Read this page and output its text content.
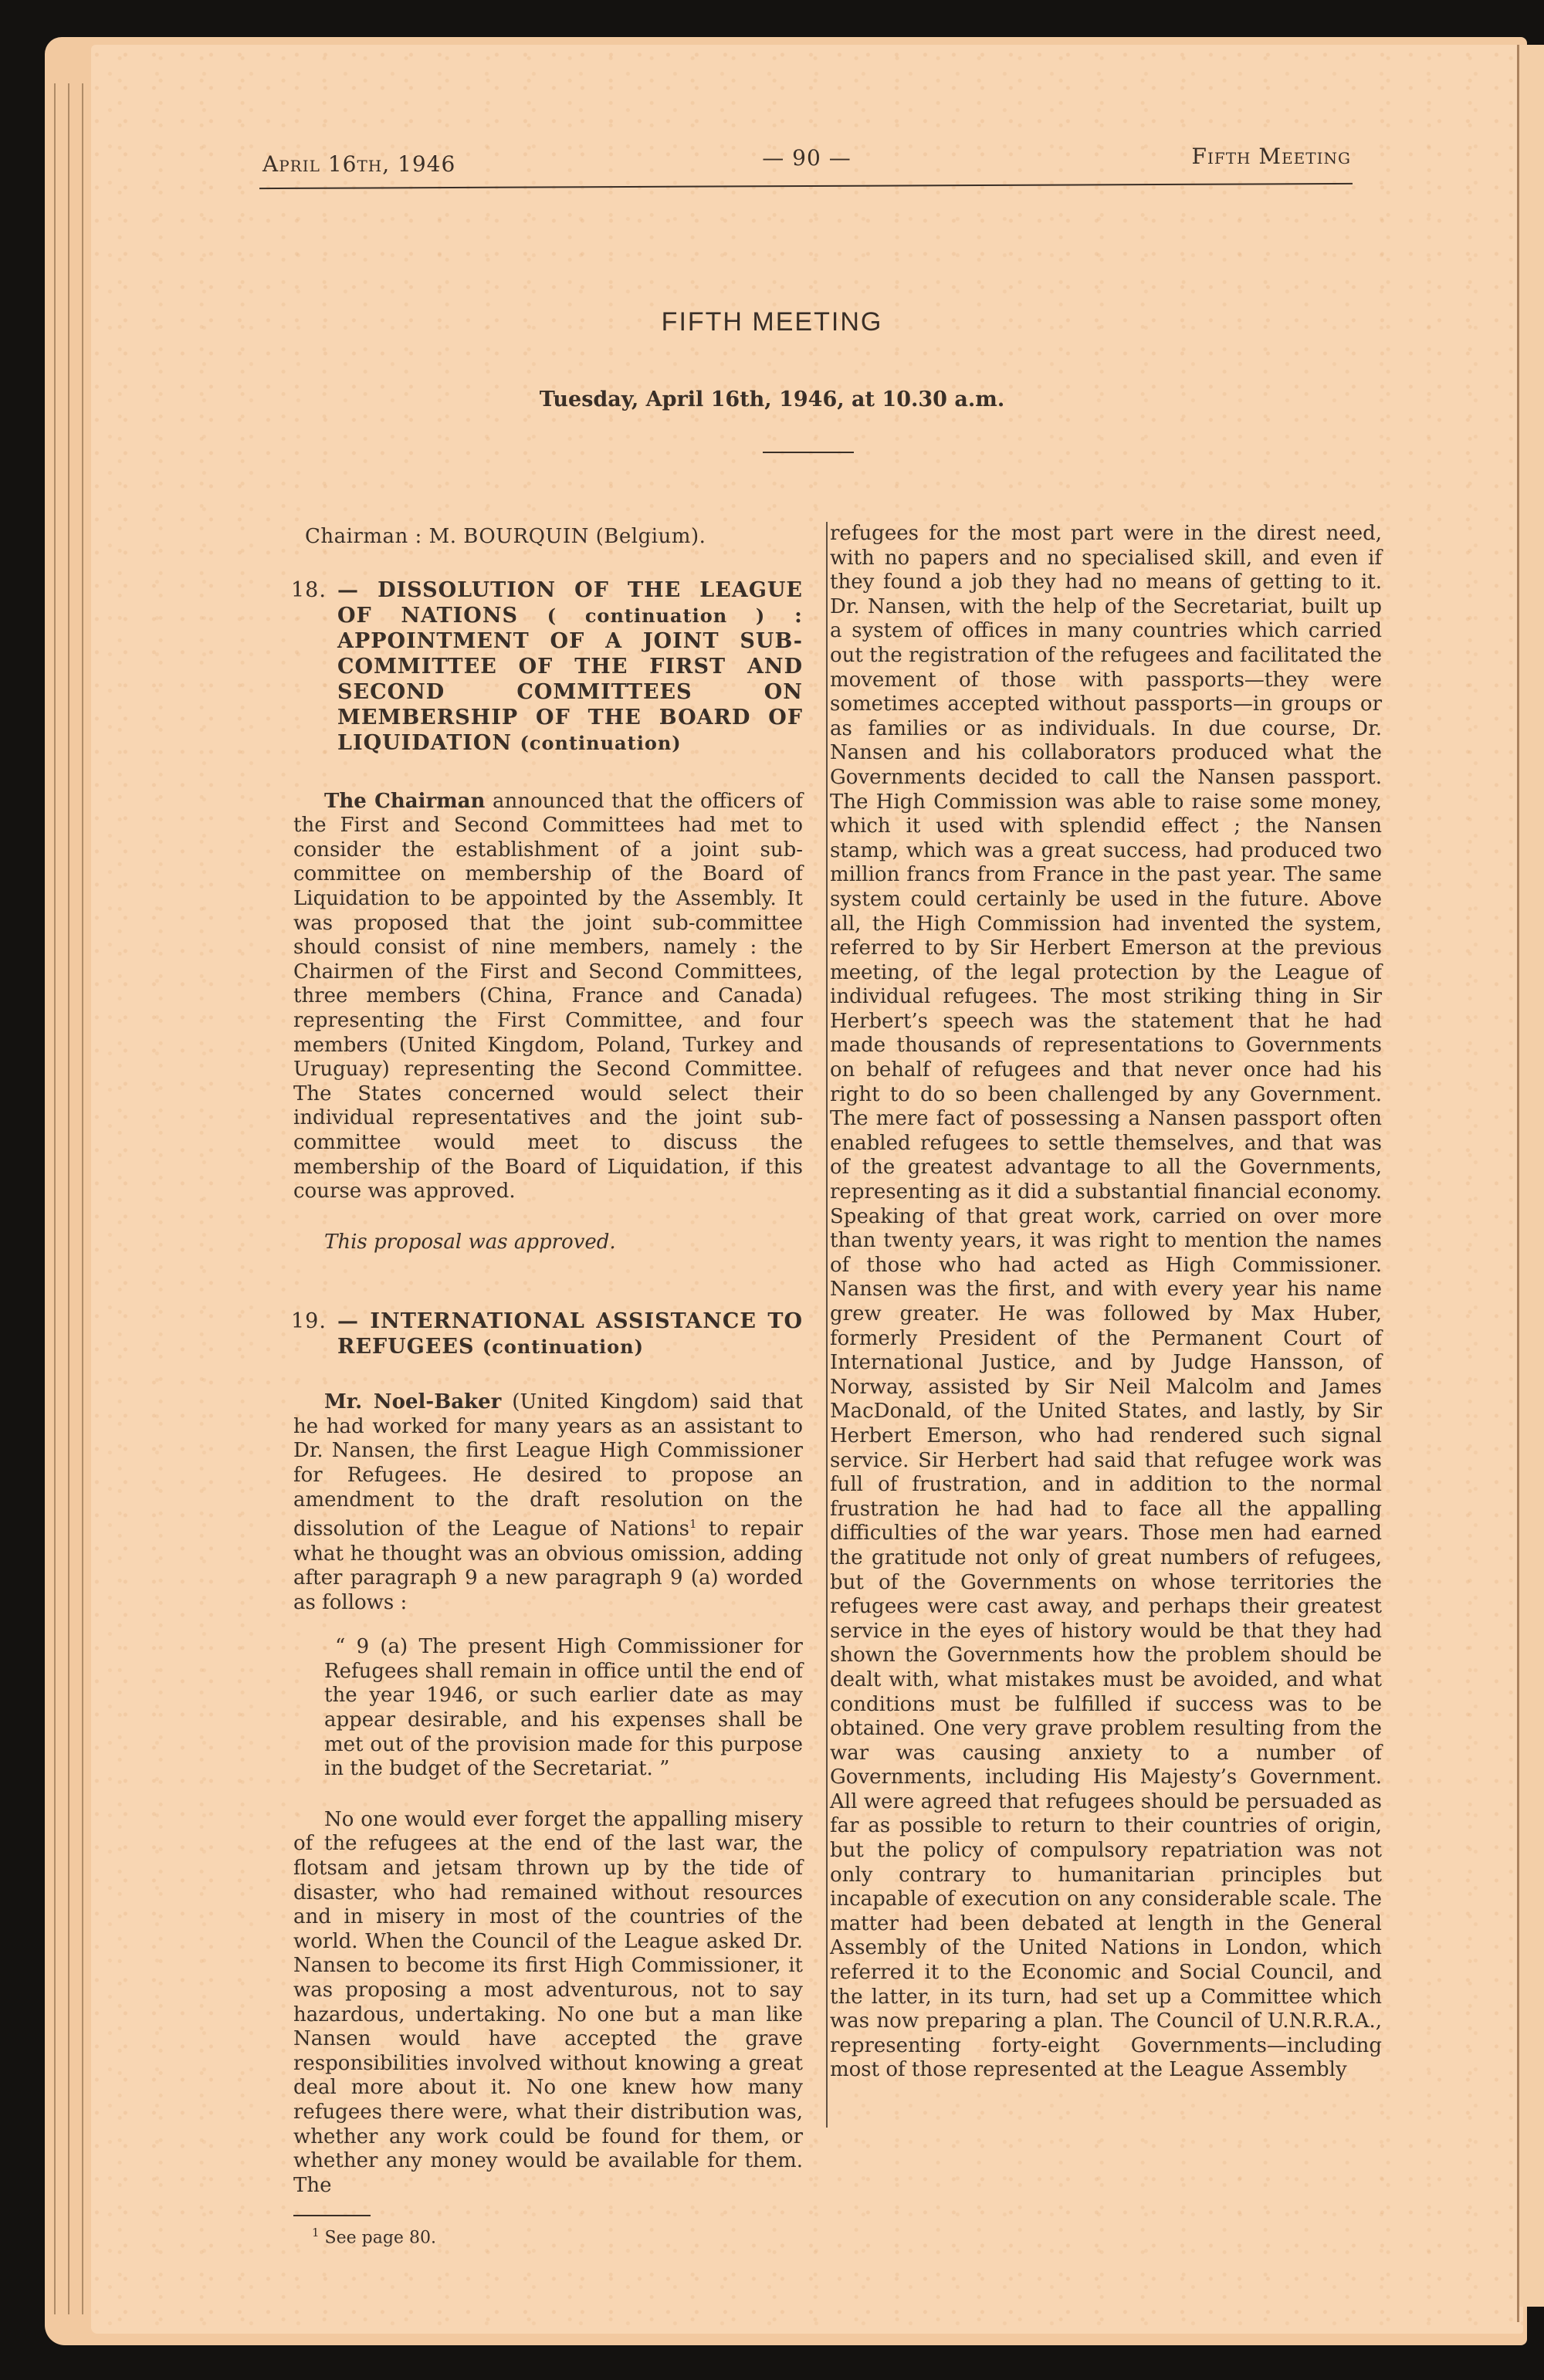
April 16th, 1946	— 90 —	Fifth Meeting
FIFTH MEETING
Tuesday, April 16th, 1946, at 10.30 a.m.
Chairman : M. BOURQUIN (Belgium).
18. — DISSOLUTION OF THE LEAGUE OF NATIONS ( continuation ) : APPOINTMENT OF A JOINT SUB-COMMITTEE OF THE FIRST AND SECOND COMMITTEES ON MEMBERSHIP OF THE BOARD OF LIQUIDATION (continuation)

The Chairman announced that the officers of the First and Second Committees had met to consider the establishment of a joint sub-committee on membership of the Board of Liquidation to be appointed by the Assembly. It was proposed that the joint sub-committee should consist of nine members, namely : the Chairmen of the First and Second Committees, three members (China, France and Canada) representing the First Committee, and four members (United Kingdom, Poland, Turkey and Uruguay) representing the Second Committee. The States concerned would select their individual representatives and the joint sub-committee would meet to discuss the membership of the Board of Liquidation, if this course was approved.

This proposal was approved.
19. — INTERNATIONAL ASSISTANCE TO REFUGEES (continuation)

Mr. Noel-Baker (United Kingdom) said that he had worked for many years as an assistant to Dr. Nansen, the first League High Commissioner for Refugees. He desired to propose an amendment to the draft resolution on the dissolution of the League of Nations$^1$ to repair what he thought was an obvious omission, adding after paragraph 9 a new paragraph 9 (a) worded as follows :

“ 9 (a) The present High Commissioner for Refugees shall remain in office until the end of the year 1946, or such earlier date as may appear desirable, and his expenses shall be met out of the provision made for this purpose in the budget of the Secretariat. ”

No one would ever forget the appalling misery of the refugees at the end of the last war, the flotsam and jetsam thrown up by the tide of disaster, who had remained without resources and in misery in most of the countries of the world. When the Council of the League asked Dr. Nansen to become its first High Commissioner, it was proposing a most adventurous, not to say hazardous, undertaking. No one but a man like Nansen would have accepted the grave responsibilities involved without knowing a great deal more about it. No one knew how many refugees there were, what their distribution was, whether any work could be found for them, or whether any money would be available for them. The

$^1$ See page 80.

refugees for the most part were in the direst need, with no papers and no specialised skill, and even if they found a job they had no means of getting to it. Dr. Nansen, with the help of the Secretariat, built up a system of offices in many countries which carried out the registration of the refugees and facilitated the movement of those with passports—they were sometimes accepted without passports—in groups or as families or as individuals. In due course, Dr. Nansen and his collaborators produced what the Governments decided to call the Nansen passport. The High Commission was able to raise some money, which it used with splendid effect ; the Nansen stamp, which was a great success, had produced two million francs from France in the past year. The same system could certainly be used in the future. Above all, the High Commission had invented the system, referred to by Sir Herbert Emerson at the previous meeting, of the legal protection by the League of individual refugees. The most striking thing in Sir Herbert’s speech was the statement that he had made thousands of representations to Governments on behalf of refugees and that never once had his right to do so been challenged by any Government. The mere fact of possessing a Nansen passport often enabled refugees to settle themselves, and that was of the greatest advantage to all the Governments, representing as it did a substantial financial economy. Speaking of that great work, carried on over more than twenty years, it was right to mention the names of those who had acted as High Commissioner. Nansen was the first, and with every year his name grew greater. He was followed by Max Huber, formerly President of the Permanent Court of International Justice, and by Judge Hansson, of Norway, assisted by Sir Neil Malcolm and James MacDonald, of the United States, and lastly, by Sir Herbert Emerson, who had rendered such signal service. Sir Herbert had said that refugee work was full of frustration, and in addition to the normal frustration he had had to face all the appalling difficulties of the war years. Those men had earned the gratitude not only of great numbers of refugees, but of the Governments on whose territories the refugees were cast away, and perhaps their greatest service in the eyes of history would be that they had shown the Governments how the problem should be dealt with, what mistakes must be avoided, and what conditions must be fulfilled if success was to be obtained. One very grave problem resulting from the war was causing anxiety to a number of Governments, including His Majesty’s Government. All were agreed that refugees should be persuaded as far as possible to return to their countries of origin, but the policy of compulsory repatriation was not only contrary to humanitarian principles but incapable of execution on any considerable scale. The matter had been debated at length in the General Assembly of the United Nations in London, which referred it to the Economic and Social Council, and the latter, in its turn, had set up a Committee which was now preparing a plan. The Council of U.N.R.R.A., representing forty-eight Governments—including most of those represented at the League Assembly
